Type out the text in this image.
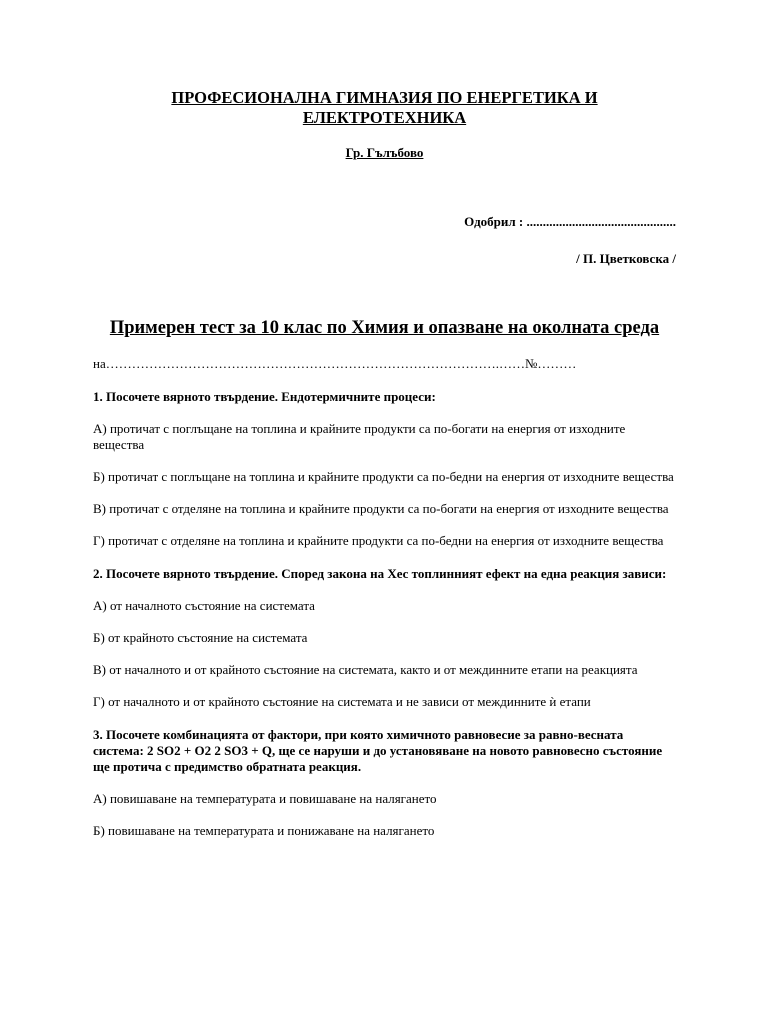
ПРОФЕСИОНАЛНА ГИМНАЗИЯ ПО ЕНЕРГЕТИКА И ЕЛЕКТРОТЕХНИКА

Гр. Гълъбово

Одобрил : ..............................................

/ П. Цветковска /

Примерен тест за 10 клас по Химия и опазване на околната среда

на……………………………………………………………………………….……№………

1. Посочете вярното твърдение. Ендотермичните процеси:

А) протичат с поглъщане на топлина и крайните продукти са по-богати на енергия от изходните вещества

Б) протичат с поглъщане на топлина и крайните продукти са по-бедни на енергия от изходните вещества

В) протичат с отделяне на топлина и крайните продукти са по-богати на енергия от изходните вещества

Г) протичат с отделяне на топлина и крайните продукти са по-бедни на енергия от изходните вещества

2. Посочете вярното твърдение. Според закона на Хес топлинният ефект на една реакция зависи:

А) от началното състояние на системата

Б) от крайното състояние на системата

В) от началното и от крайното състояние на системата, както и от междинните етапи на реакцията

Г) от началното и от крайното състояние на системата и не зависи от междинните ѝ етапи

3. Посочете комбинацията от фактори, при която химичното равновесие за равно-весната система: 2 SO2 + O2 2 SO3 + Q, ще се наруши и до установяване на новото равновесно състояние ще протича с предимство обратната реакция.

А) повишаване на температурата и повишаване на налягането

Б) повишаване на температурата и понижаване на налягането
